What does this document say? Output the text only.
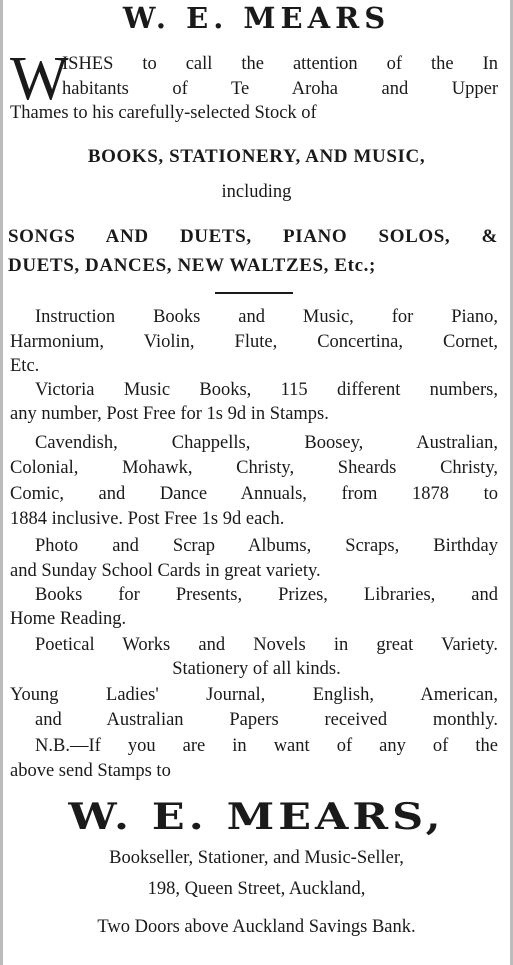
W. E. MEARS

W

ISHES to call the attention of the In

habitants of Te Aroha and Upper

Thames to his carefully-selected Stock of

BOOKS, STATIONERY, AND MUSIC,

including

SONGS AND DUETS, PIANO SOLOS, &

DUETS, DANCES, NEW WALTZES, Etc.;

Instruction Books and Music, for Piano,

Harmonium, Violin, Flute, Concertina, Cornet,

Etc.

Victoria Music Books, 115 different numbers,

any number, Post Free for 1s 9d in Stamps.

Cavendish, Chappells, Boosey, Australian,

Colonial, Mohawk, Christy, Sheards Christy,

Comic, and Dance Annuals, from 1878 to

1884 inclusive. Post Free 1s 9d each.

Photo and Scrap Albums, Scraps, Birthday

and Sunday School Cards in great variety.

Books for Presents, Prizes, Libraries, and

Home Reading.

Poetical Works and Novels in great Variety.

Stationery of all kinds.

Young Ladies' Journal, English, American,

and Australian Papers received monthly.

N.B.—If you are in want of any of the

above send Stamps to

W. E. MEARS,

Bookseller, Stationer, and Music-Seller,

198, Queen Street, Auckland,

Two Doors above Auckland Savings Bank.
